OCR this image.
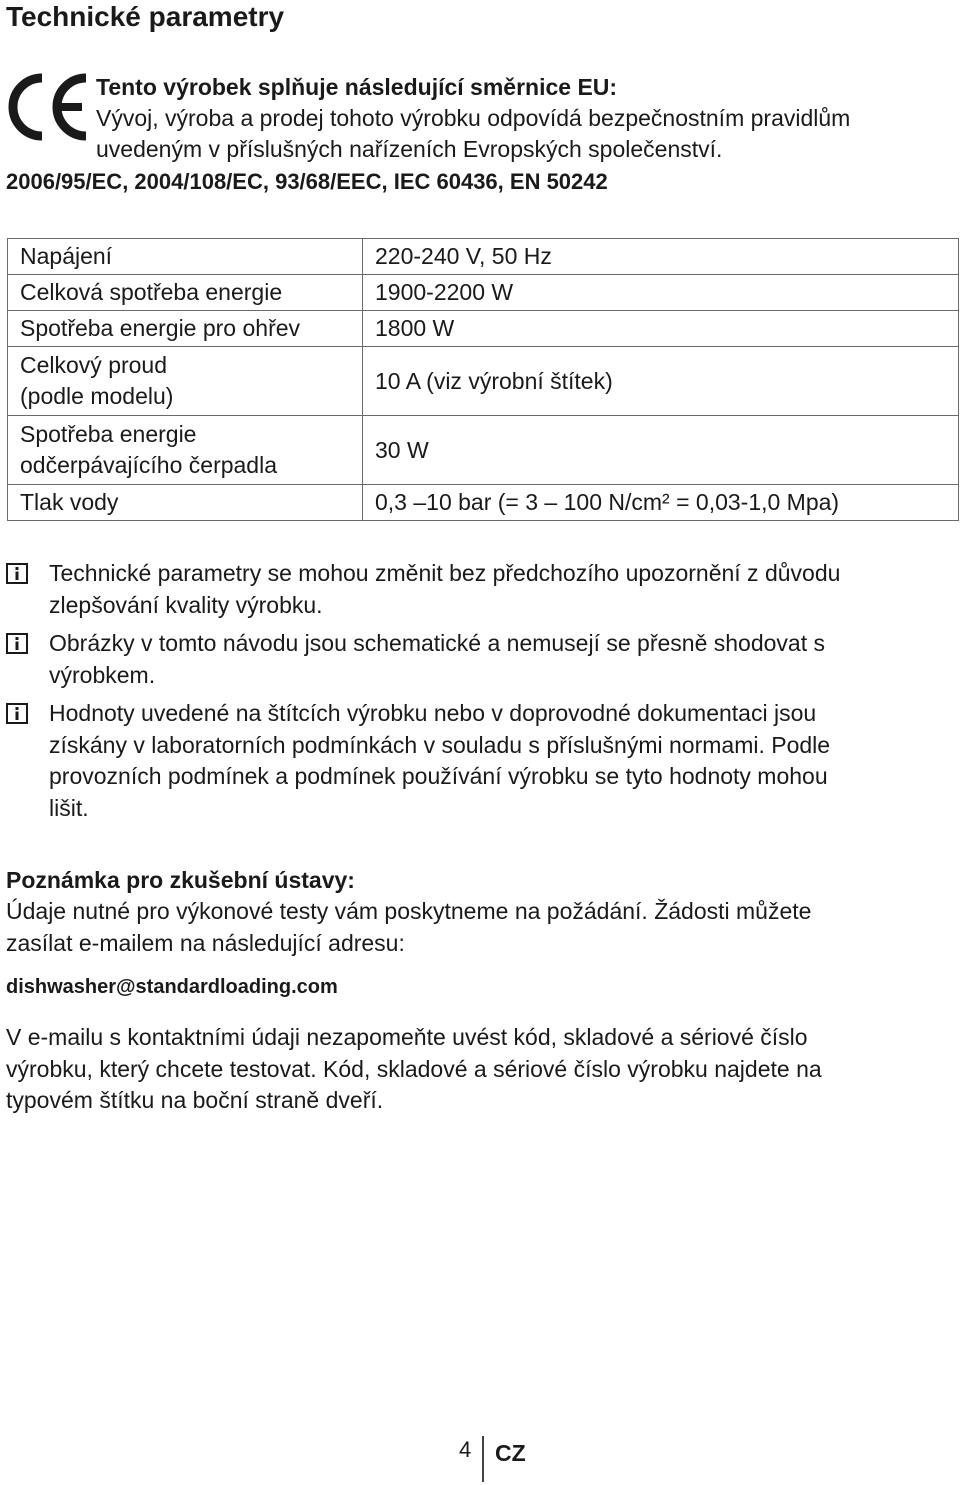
Technické parametry
Tento výrobek splňuje následující směrnice EU:
Vývoj, výroba a prodej tohoto výrobku odpovídá bezpečnostním pravidlům
uvedeným v příslušných nařízeních Evropských společenství.
2006/95/EC, 2004/108/EC, 93/68/EEC, IEC 60436, EN 50242
Napájení	220-240 V, 50 Hz
Celková spotřeba energie	1900-2200 W
Spotřeba energie pro ohřev	1800 W

Celkový proud
(podle modelu)	10 A (viz výrobní štítek)

Spotřeba energie
odčerpávajícího čerpadla	30 W
Tlak vody	0,3 –10 bar (= 3 – 100 N/cm² = 0,03-1,0 Mpa)
Technické parametry se mohou změnit bez předchozího upozornění z důvodu
zlepšování kvality výrobku.
Obrázky v tomto návodu jsou schematické a nemusejí se přesně shodovat s
výrobkem.
Hodnoty uvedené na štítcích výrobku nebo v doprovodné dokumentaci jsou
získány v laboratorních podmínkách v souladu s příslušnými normami. Podle
provozních podmínek a podmínek používání výrobku se tyto hodnoty mohou
lišit.
Poznámka pro zkušební ústavy:
Údaje nutné pro výkonové testy vám poskytneme na požádání. Žádosti můžete
zasílat e-mailem na následující adresu:
dishwasher@standardloading.com
V e-mailu s kontaktními údaji nezapomeňte uvést kód, skladové a sériové číslo
výrobku, který chcete testovat. Kód, skladové a sériové číslo výrobku najdete na
typovém štítku na boční straně dveří.
4 CZ
